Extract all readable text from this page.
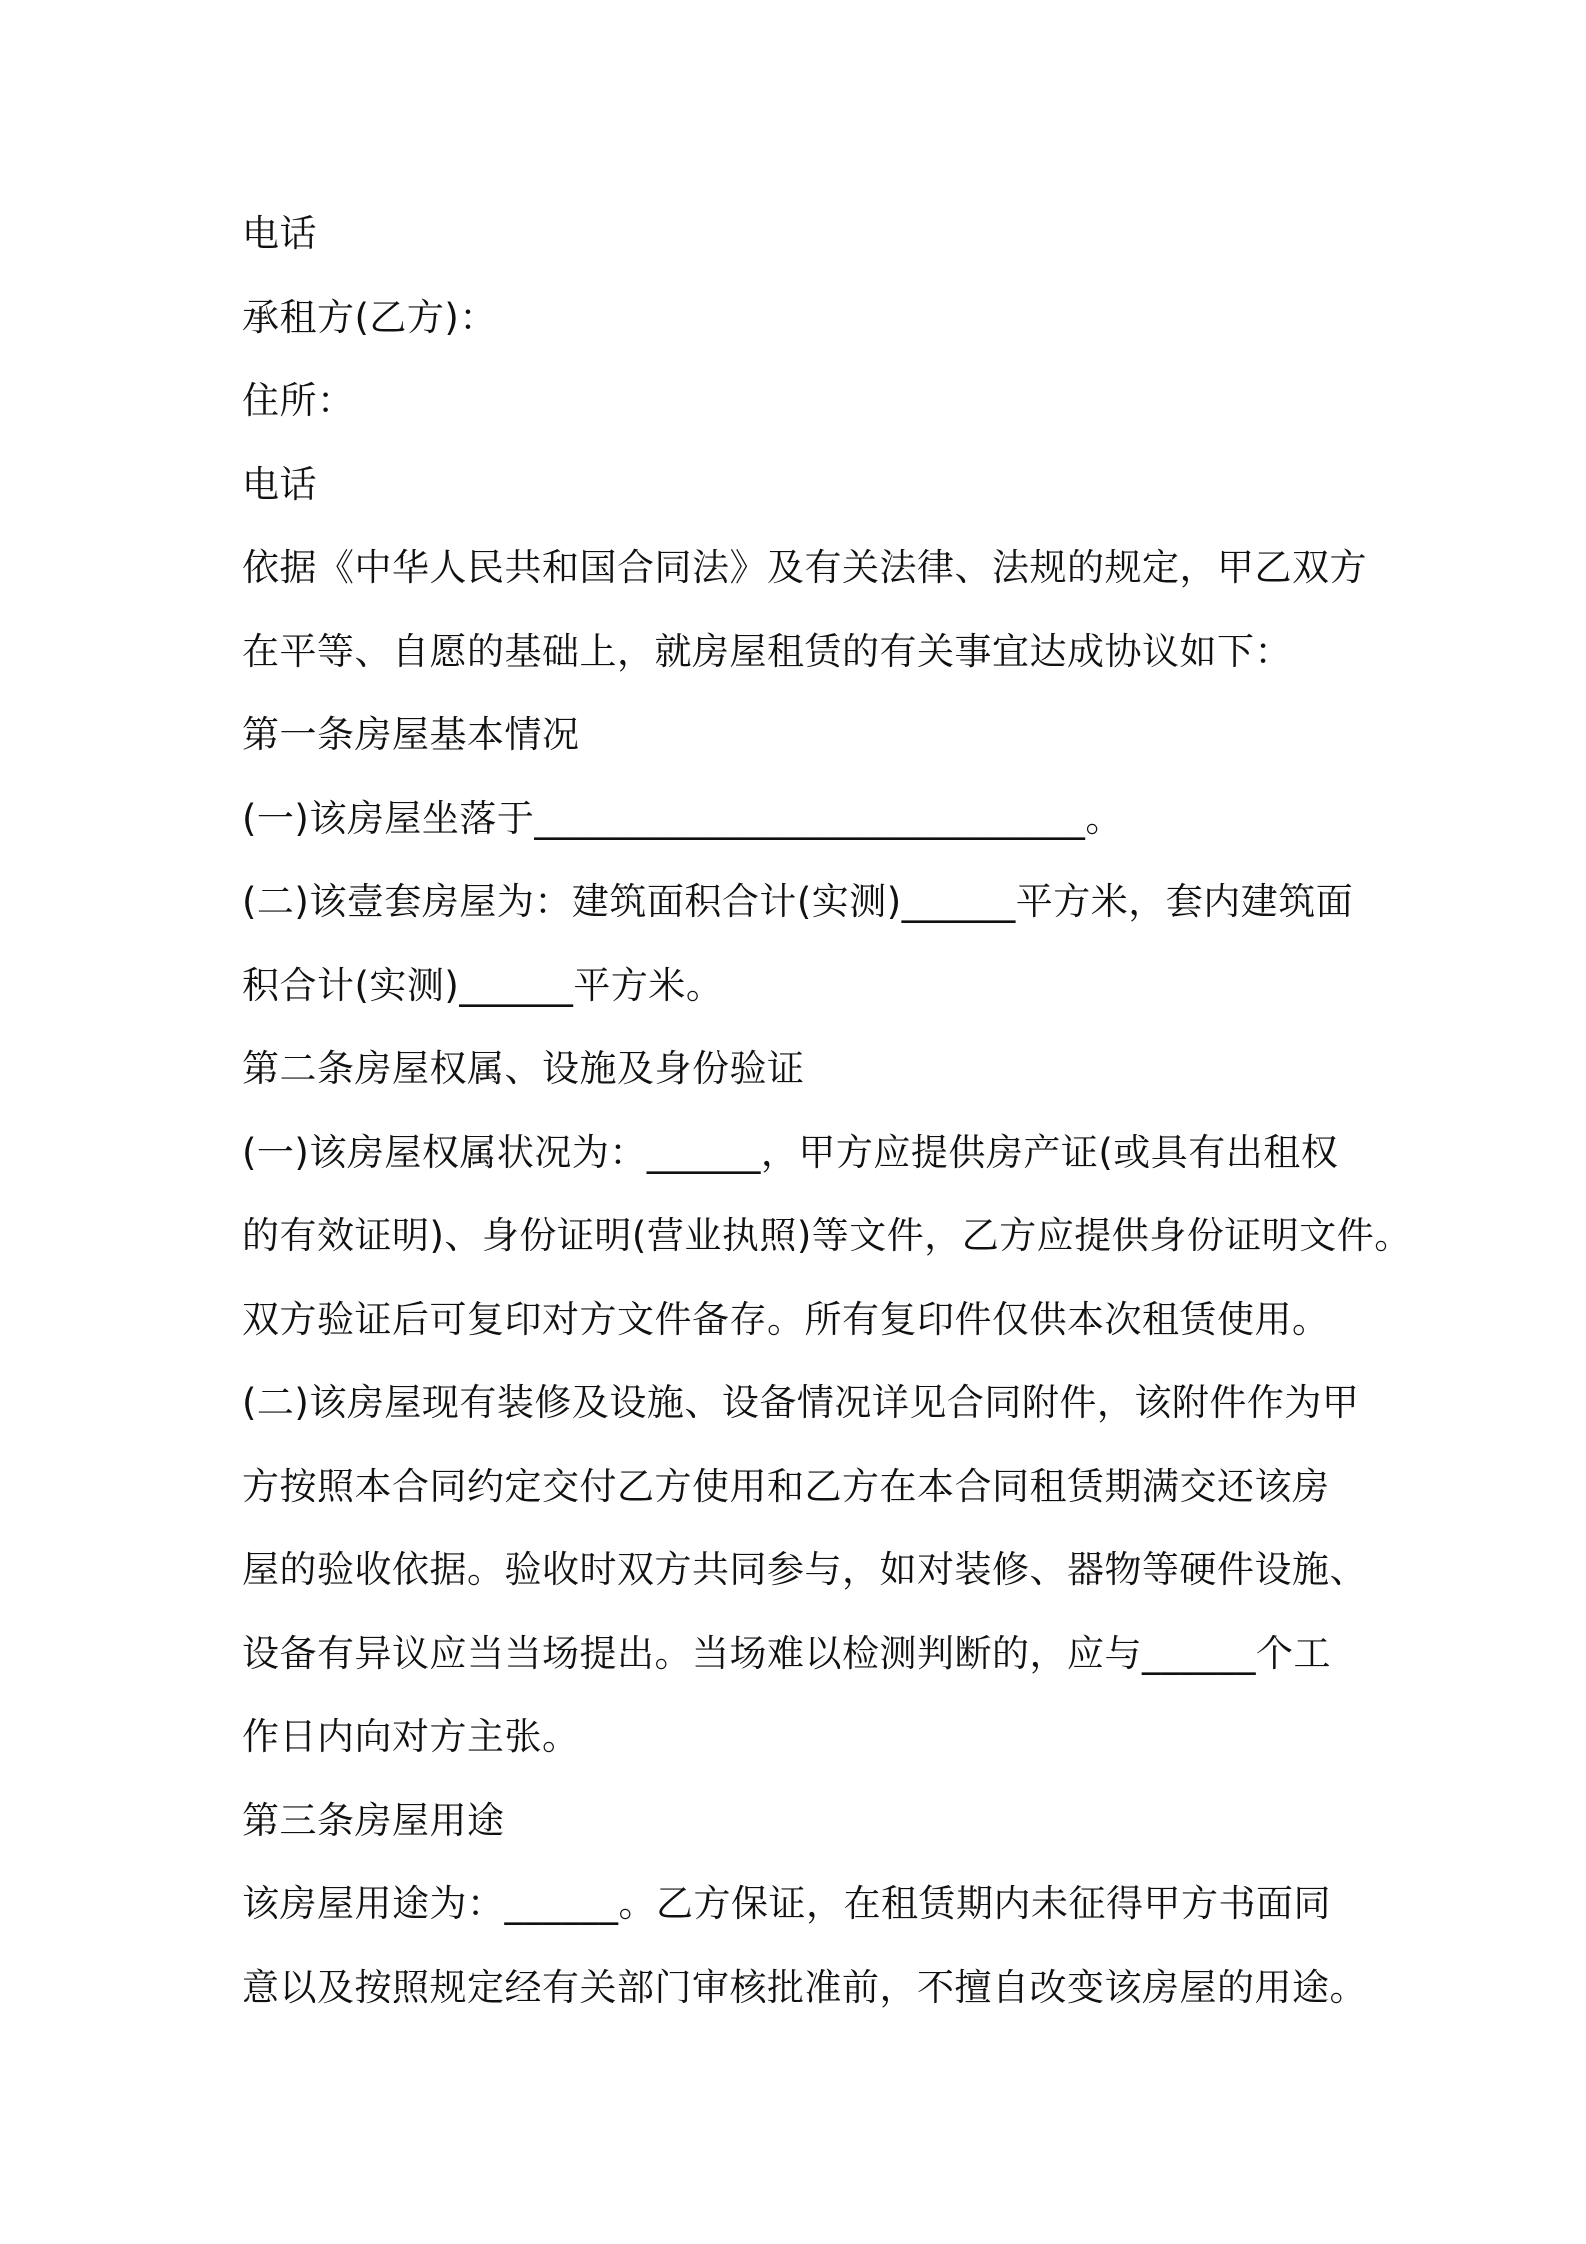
电话
承租方(乙方)：
住所：
电话
依据《中华人民共和国合同法》及有关法律、法规的规定，甲乙双方
在平等、自愿的基础上，就房屋租赁的有关事宜达成协议如下：
第一条房屋基本情况
(一)该房屋坐落于_____________________________。
(二)该壹套房屋为：建筑面积合计(实测)______平方米，套内建筑面
积合计(实测)______平方米。
第二条房屋权属、设施及身份验证
(一)该房屋权属状况为：______，甲方应提供房产证(或具有出租权
的有效证明)、身份证明(营业执照)等文件，乙方应提供身份证明文件。
双方验证后可复印对方文件备存。所有复印件仅供本次租赁使用。
(二)该房屋现有装修及设施、设备情况详见合同附件，该附件作为甲
方按照本合同约定交付乙方使用和乙方在本合同租赁期满交还该房
屋的验收依据。验收时双方共同参与，如对装修、器物等硬件设施、
设备有异议应当当场提出。当场难以检测判断的，应与______个工
作日内向对方主张。
第三条房屋用途
该房屋用途为：______。乙方保证，在租赁期内未征得甲方书面同
意以及按照规定经有关部门审核批准前，不擅自改变该房屋的用途。
